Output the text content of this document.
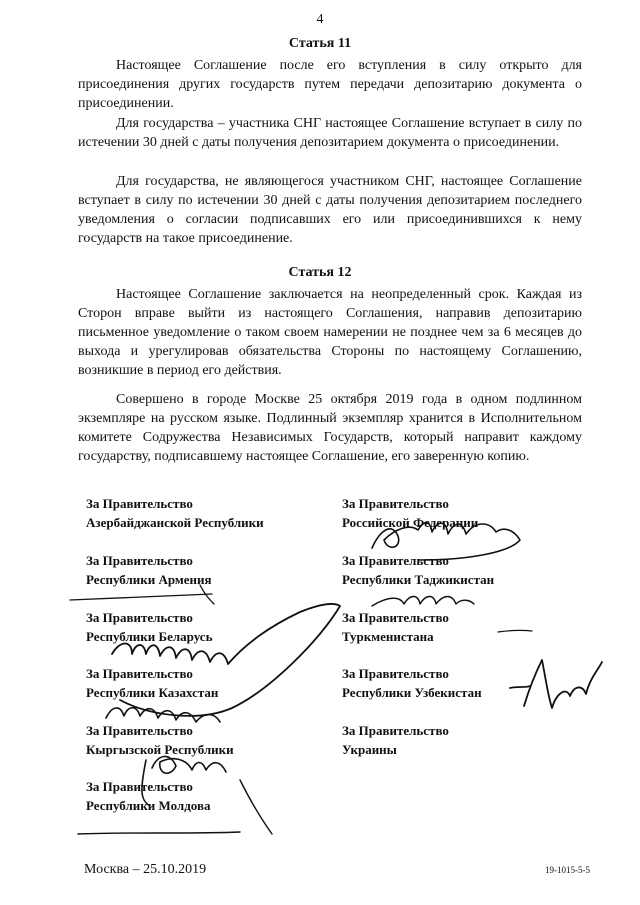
4
Статья 11

Настоящее Соглашение после его вступления в силу открыто для присоединения других государств путем передачи депозитарию документа о присоединении.

Для государства – участника СНГ настоящее Соглашение вступает в силу по истечении 30 дней с даты получения депозитарием документа о присоединении.

Для государства, не являющегося участником СНГ, настоящее Соглашение вступает в силу по истечении 30 дней с даты получения депозитарием последнего уведомления о согласии подписавших его или присоединившихся к нему государств на такое присоединение.

Статья 12

Настоящее Соглашение заключается на неопределенный срок. Каждая из Сторон вправе выйти из настоящего Соглашения, направив депозитарию письменное уведомление о таком своем намерении не позднее чем за 6 месяцев до выхода и урегулировав обязательства Стороны по настоящему Соглашению, возникшие в период его действия.

Совершено в городе Москве 25 октября 2019 года в одном подлинном экземпляре на русском языке. Подлинный экземпляр хранится в Исполнительном комитете Содружества Независимых Государств, который направит каждому государству, подписавшему настоящее Соглашение, его заверенную копию.

За Правительство
Азербайджанской Республики
За Правительство
Республики Армения
За Правительство
Республики Беларусь
За Правительство
Республики Казахстан
За Правительство
Кыргызской Республики
За Правительство
Республики Молдова
За Правительство
Российской Федерации
За Правительство
Республики Таджикистан
За Правительство
Туркменистана
За Правительство
Республики Узбекистан
За Правительство
Украины
Москва – 25.10.2019	19-1015-5-5
